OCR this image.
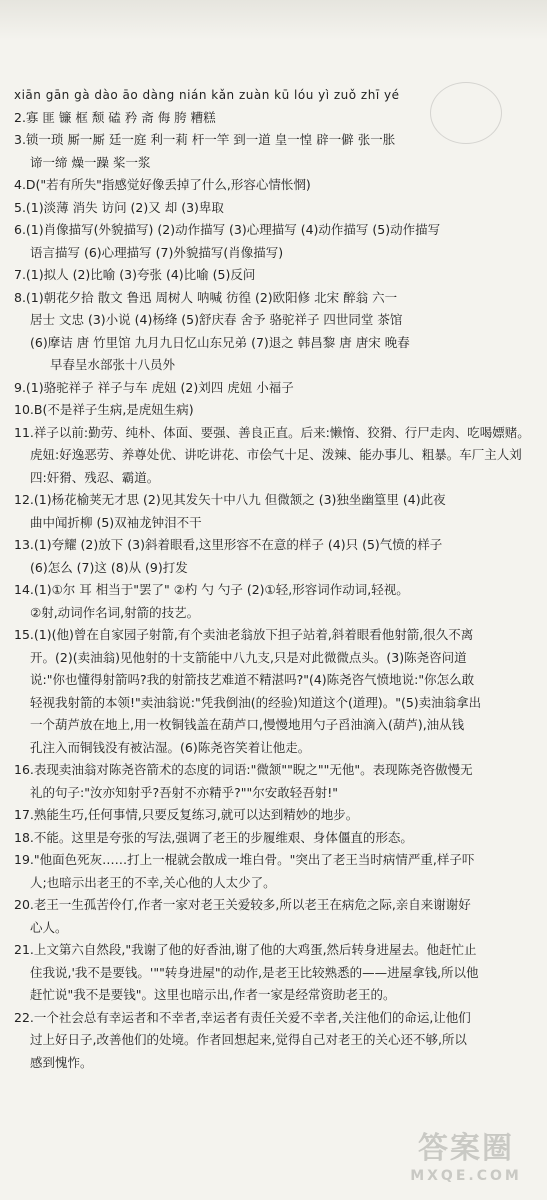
xiān gān gà dào āo dàng nián kǎn zuàn kū lóu yì zuǒ zhī yé
2.寡 匪 镰 框 颓 磕 矜 斋 侮 胯 糟糕
3.锁一琐 厮一厮 廷一庭 利一莉 杆一竿 到一道 皇一惶 辟一僻 张一胀
谛一缔 燥一躁 桨一浆
4.D("若有所失"指感觉好像丢掉了什么,形容心情怅惘)
5.(1)淡薄 消失 访问 (2)又 却 (3)卑取
6.(1)肖像描写(外貌描写) (2)动作描写 (3)心理描写 (4)动作描写 (5)动作描写
语言描写 (6)心理描写 (7)外貌描写(肖像描写)
7.(1)拟人 (2)比喻 (3)夸张 (4)比喻 (5)反问
8.(1)朝花夕拾 散文 鲁迅 周树人 呐喊 彷徨 (2)欧阳修 北宋 醉翁 六一
居士 文忠 (3)小说 (4)杨绛 (5)舒庆春 舍予 骆驼祥子 四世同堂 茶馆
(6)摩诘 唐 竹里馆 九月九日忆山东兄弟 (7)退之 韩昌黎 唐 唐宋 晚春
早春呈水部张十八员外
9.(1)骆驼祥子 祥子与车 虎妞 (2)刘四 虎妞 小福子
10.B(不是祥子生病,是虎妞生病)
11.祥子以前:勤劳、纯朴、体面、要强、善良正直。后来:懒惰、狡猾、行尸走肉、吃喝嫖赌。
虎妞:好逸恶劳、养尊处优、讲吃讲花、市侩气十足、泼辣、能办事儿、粗暴。车厂主人刘
四:奸猾、残忍、霸道。
12.(1)杨花榆荚无才思 (2)见其发矢十中八九 但微颔之 (3)独坐幽篁里 (4)此夜
曲中闻折柳 (5)双袖龙钟泪不干
13.(1)夸耀 (2)放下 (3)斜着眼看,这里形容不在意的样子 (4)只 (5)气愤的样子
(6)怎么 (7)这 (8)从 (9)打发
14.(1)①尔 耳 相当于"罢了" ②杓 勺 勺子 (2)①轻,形容词作动词,轻视。
②射,动词作名词,射箭的技艺。
15.(1)(他)曾在自家园子射箭,有个卖油老翁放下担子站着,斜着眼看他射箭,很久不离
开。(2)(卖油翁)见他射的十支箭能中八九支,只是对此微微点头。(3)陈尧咨问道
说:"你也懂得射箭吗?我的射箭技艺难道不精湛吗?"(4)陈尧咨气愤地说:"你怎么敢
轻视我射箭的本领!"卖油翁说:"凭我倒油(的经验)知道这个(道理)。"(5)卖油翁拿出
一个葫芦放在地上,用一枚铜钱盖在葫芦口,慢慢地用勺子舀油滴入(葫芦),油从钱
孔注入而铜钱没有被沾湿。(6)陈尧咨笑着让他走。
16.表现卖油翁对陈尧咨箭术的态度的词语:"微颔""睨之""无他"。表现陈尧咨傲慢无
礼的句子:"汝亦知射乎?吾射不亦精乎?""尔安敢轻吾射!"
17.熟能生巧,任何事情,只要反复练习,就可以达到精妙的地步。
18.不能。这里是夸张的写法,强调了老王的步履维艰、身体僵直的形态。
19."他面色死灰……打上一棍就会散成一堆白骨。"突出了老王当时病情严重,样子吓
人;也暗示出老王的不幸,关心他的人太少了。
20.老王一生孤苦伶仃,作者一家对老王关爱较多,所以老王在病危之际,亲自来谢谢好
心人。
21.上文第六自然段,"我谢了他的好香油,谢了他的大鸡蛋,然后转身进屋去。他赶忙止
住我说,'我不是要钱。'""转身进屋"的动作,是老王比较熟悉的——进屋拿钱,所以他
赶忙说"我不是要钱"。这里也暗示出,作者一家是经常资助老王的。
22.一个社会总有幸运者和不幸者,幸运者有责任关爱不幸者,关注他们的命运,让他们
过上好日子,改善他们的处境。作者回想起来,觉得自己对老王的关心还不够,所以
感到愧怍。
答案圈
MXQE.COM
